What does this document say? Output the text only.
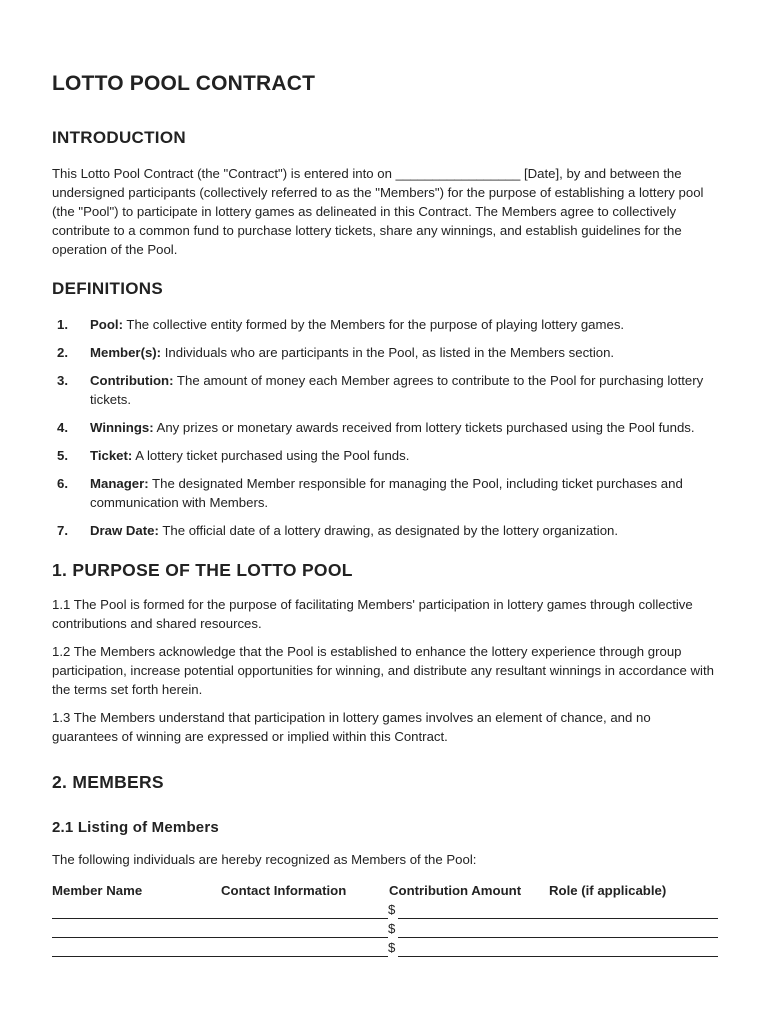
LOTTO POOL CONTRACT
INTRODUCTION

This Lotto Pool Contract (the "Contract") is entered into on _________________ [Date], by and between the undersigned participants (collectively referred to as the "Members") for the purpose of establishing a lottery pool (the "Pool") to participate in lottery games as delineated in this Contract. The Members agree to collectively contribute to a common fund to purchase lottery tickets, share any winnings, and establish guidelines for the operation of the Pool.

DEFINITIONS
1. Pool: The collective entity formed by the Members for the purpose of playing lottery games.
2. Member(s): Individuals who are participants in the Pool, as listed in the Members section.
3. Contribution: The amount of money each Member agrees to contribute to the Pool for purchasing lottery tickets.
4. Winnings: Any prizes or monetary awards received from lottery tickets purchased using the Pool funds.
5. Ticket: A lottery ticket purchased using the Pool funds.
6. Manager: The designated Member responsible for managing the Pool, including ticket purchases and communication with Members.
7. Draw Date: The official date of a lottery drawing, as designated by the lottery organization.
1. PURPOSE OF THE LOTTO POOL

1.1 The Pool is formed for the purpose of facilitating Members' participation in lottery games through collective contributions and shared resources.

1.2 The Members acknowledge that the Pool is established to enhance the lottery experience through group participation, increase potential opportunities for winning, and distribute any resultant winnings in accordance with the terms set forth herein.

1.3 The Members understand that participation in lottery games involves an element of chance, and no guarantees of winning are expressed or implied within this Contract.

2. MEMBERS
2.1 Listing of Members

The following individuals are hereby recognized as Members of the Pool:

Member Name	Contact Information	Contribution Amount	Role (if applicable)
$
$
$
